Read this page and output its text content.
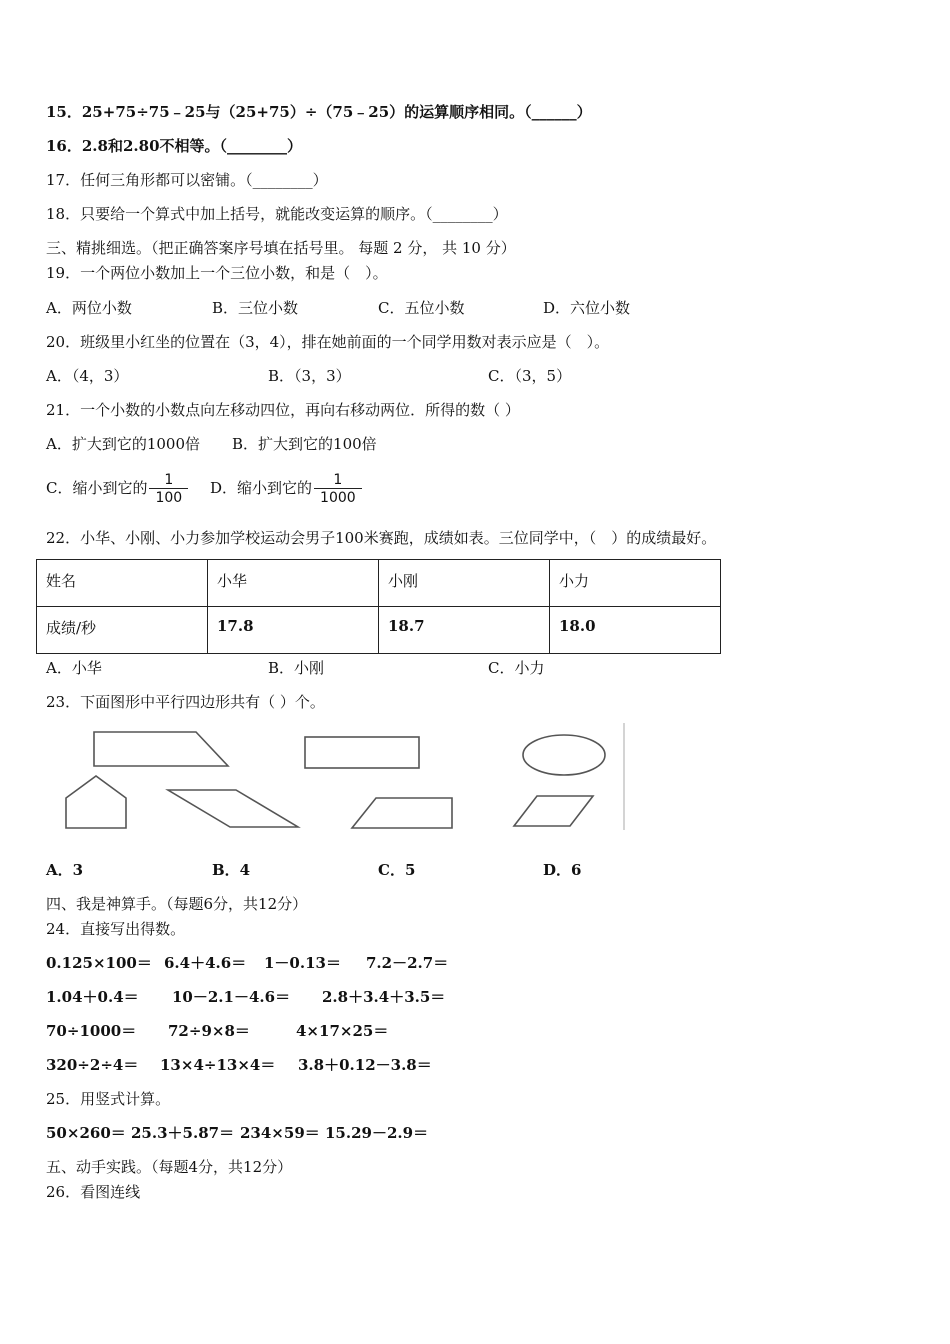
15．25+75÷75﹣25与（25+75）÷（75﹣25）的运算顺序相同。（______）
16．2.8和2.80不相等。（________）
17．任何三角形都可以密铺。（________）
18．只要给一个算式中加上括号，就能改变运算的顺序。（________）
三、精挑细选。（把正确答案序号填在括号里。 每题 2 分， 共 10 分）
19．一个两位小数加上一个三位小数，和是（　）。
A．两位小数	B．三位小数	C．五位小数	D．六位小数
20．班级里小红坐的位置在（3，4），排在她前面的一个同学用数对表示应是（　）。
A．（4，3）	B．（3，3）	C．（3，5）
21．一个小数的小数点向左移动四位，再向右移动两位．所得的数（ ）
A．扩大到它的1000倍 B．扩大到它的100倍
C．缩小到它的 $\frac{1}{100}$ D．缩小到它的 $\frac{1}{1000}$
22．小华、小刚、小力参加学校运动会男子100米赛跑，成绩如表。三位同学中，（　）的成绩最好。
姓名	小华	小刚	小力

成绩/秒	17.8	18.7	18.0
A．小华	B．小刚	C．小力
23．下面图形中平行四边形共有（ ）个。
A．3	B．4	C．5	D．6
四、我是神算手。（每题6分，共12分）
24．直接写出得数。
0.125×100＝ 6.4＋4.6＝ 1－0.13＝ 7.2－2.7＝
1.04＋0.4＝ 10－2.1－4.6＝ 2.8＋3.4＋3.5＝
70÷1000＝ 72÷9×8＝	4×17×25＝
320÷2÷4＝ 13×4÷13×4＝ 3.8＋0.12－3.8＝
25．用竖式计算。
50×260＝ 25.3＋5.87＝ 234×59＝ 15.29－2.9＝
五、动手实践。（每题4分，共12分）
26．看图连线
